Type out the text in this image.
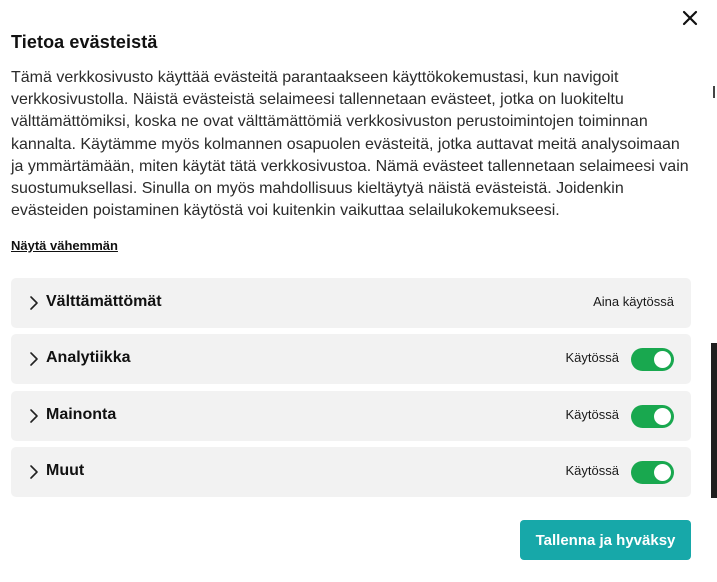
Tietoa evästeistä

Tämä verkkosivusto käyttää evästeitä parantaakseen käyttökokemustasi, kun navigoit verkkosivustolla. Näistä evästeistä selaimeesi tallennetaan evästeet, jotka on luokiteltu välttämättömiksi, koska ne ovat välttämättömiä verkkosivuston perustoimintojen toiminnan kannalta. Käytämme myös kolmannen osapuolen evästeitä, jotka auttavat meitä analysoimaan ja ymmärtämään, miten käytät tätä verkkosivustoa. Nämä evästeet tallennetaan selaimeesi vain suostumuksellasi. Sinulla on myös mahdollisuus kieltäytyä näistä evästeistä. Joidenkin evästeiden poistaminen käytöstä voi kuitenkin vaikuttaa selailukokemukseesi.

Näytä vähemmän
Välttämättömät	Aina käytössä
Analytiikka	Käytössä
Mainonta	Käytössä
Muut	Käytössä
Tallenna ja hyväksy
